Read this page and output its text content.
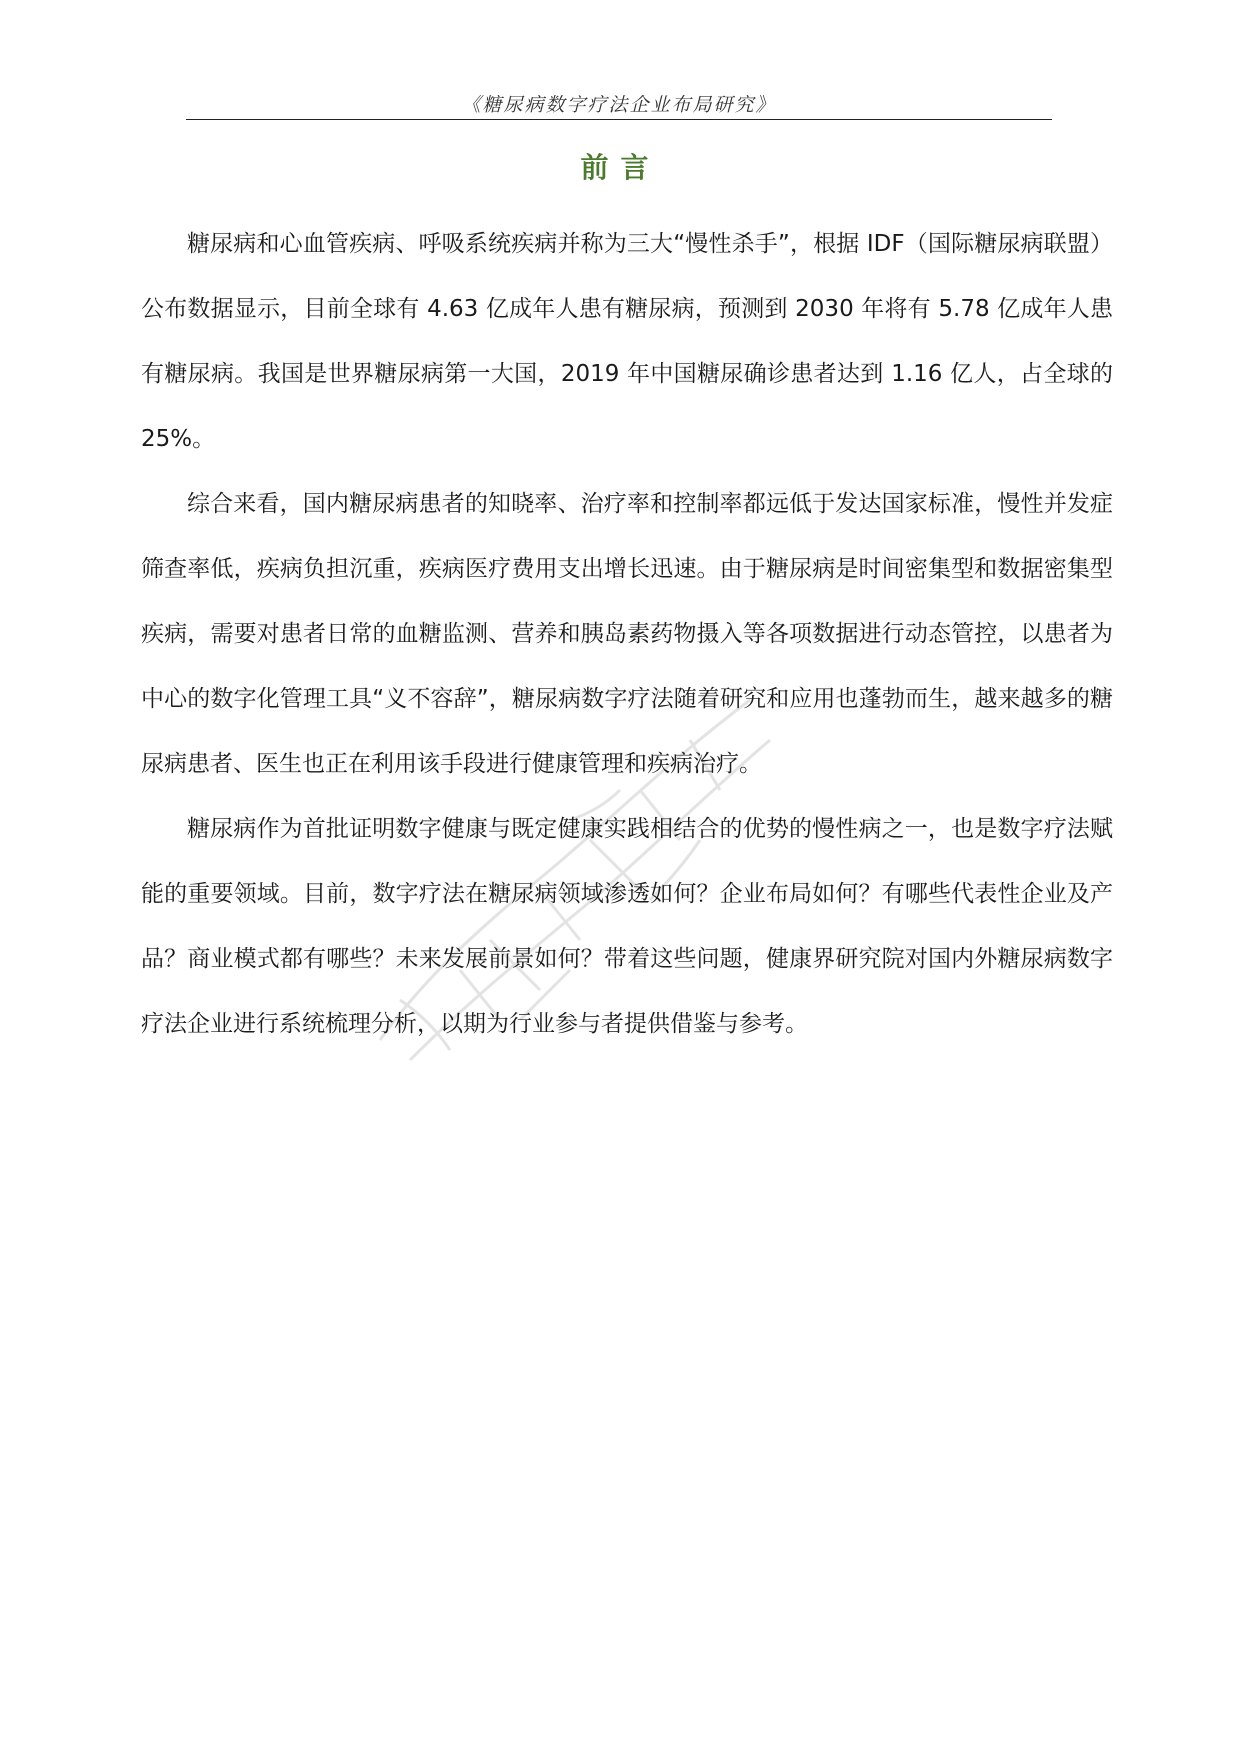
《糖尿病数字疗法企业布局研究》
前言

糖尿病和心血管疾病、呼吸系统疾病并称为三大“慢性杀手”，根据 IDF（国际糖尿病联盟）公布数据显示，目前全球有 4.63 亿成年人患有糖尿病，预测到 2030 年将有 5.78 亿成年人患有糖尿病。我国是世界糖尿病第一大国，2019 年中国糖尿确诊患者达到 1.16 亿人，占全球的 25%。

综合来看，国内糖尿病患者的知晓率、治疗率和控制率都远低于发达国家标准，慢性并发症筛查率低，疾病负担沉重，疾病医疗费用支出增长迅速。由于糖尿病是时间密集型和数据密集型疾病，需要对患者日常的血糖监测、营养和胰岛素药物摄入等各项数据进行动态管控，以患者为中心的数字化管理工具“义不容辞”，糖尿病数字疗法随着研究和应用也蓬勃而生，越来越多的糖尿病患者、医生也正在利用该手段进行健康管理和疾病治疗。

糖尿病作为首批证明数字健康与既定健康实践相结合的优势的慢性病之一，也是数字疗法赋能的重要领域。目前，数字疗法在糖尿病领域渗透如何？企业布局如何？有哪些代表性企业及产品？商业模式都有哪些？未来发展前景如何？带着这些问题，健康界研究院对国内外糖尿病数字疗法企业进行系统梳理分析，以期为行业参与者提供借鉴与参考。
